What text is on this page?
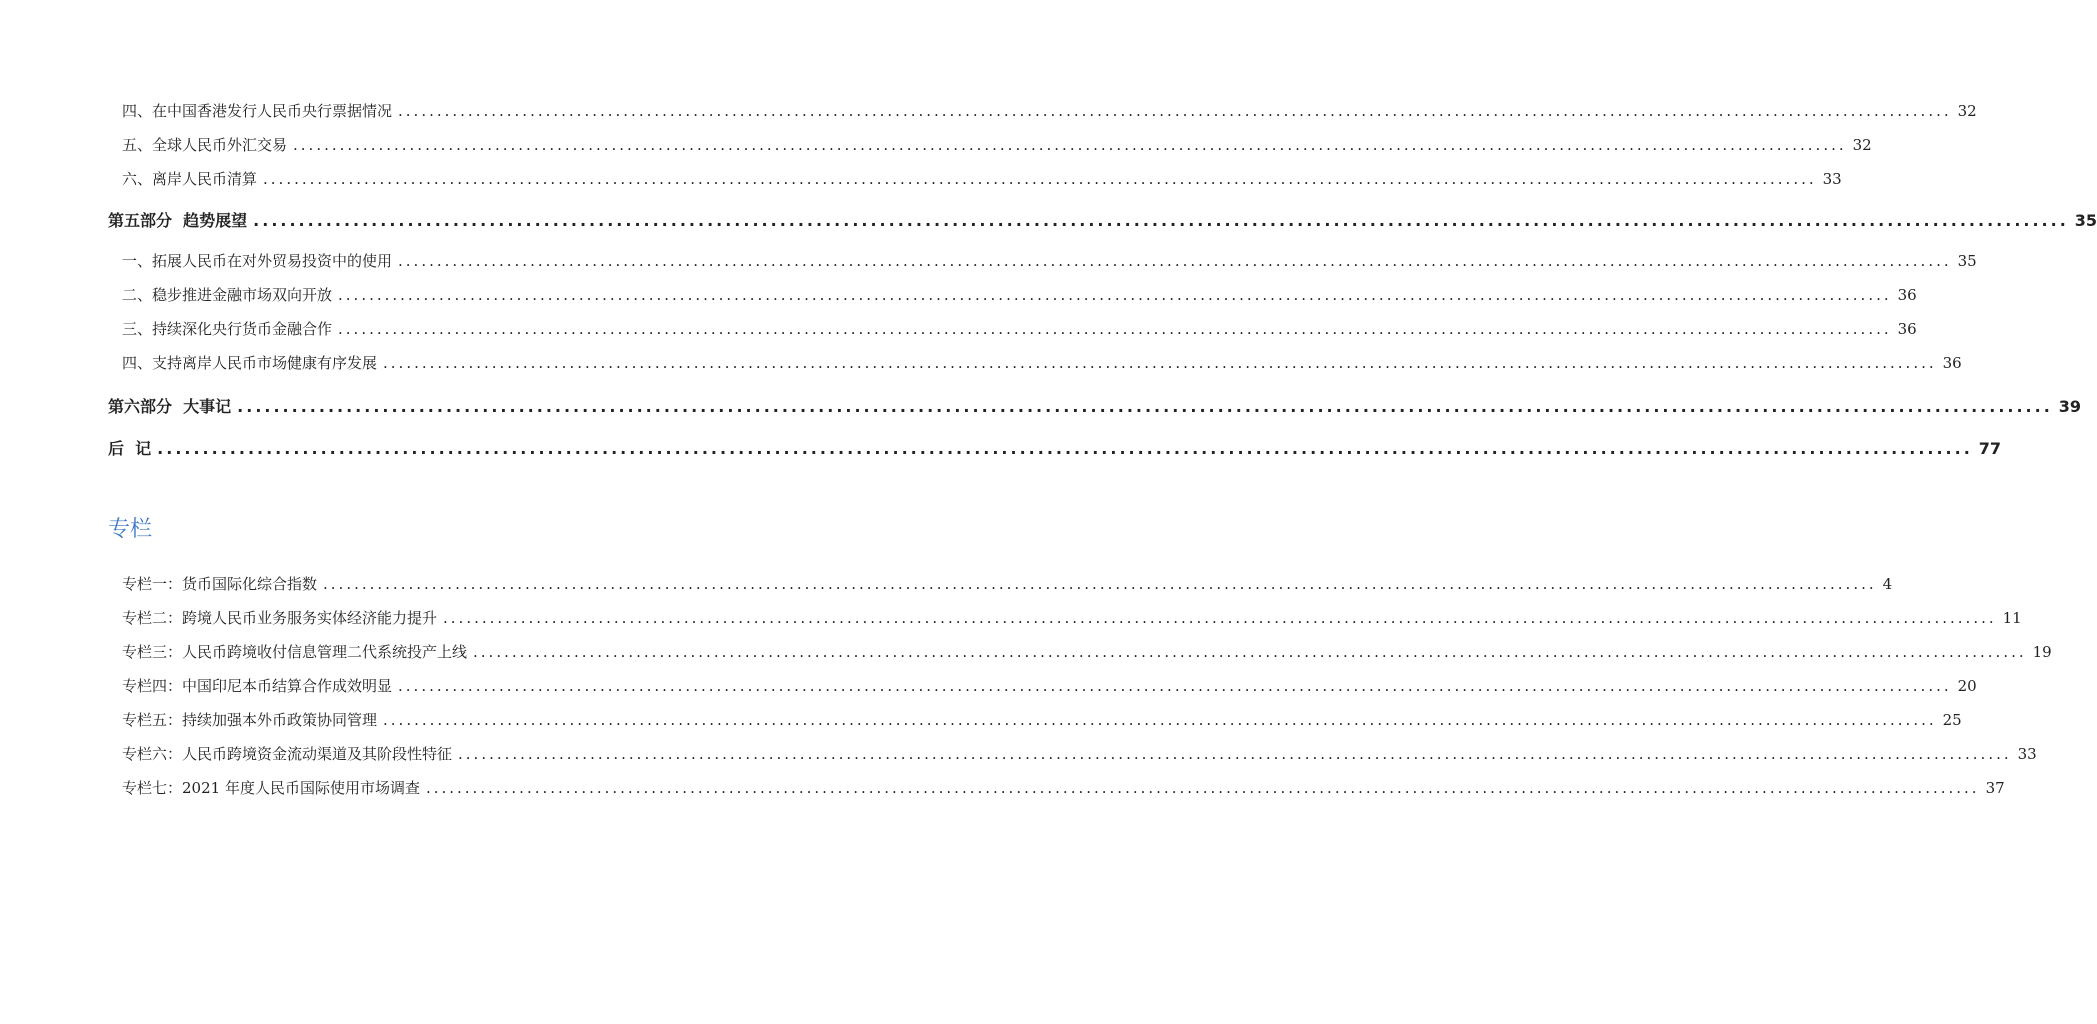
四、在中国香港发行人民币央行票据情况 ........................................................................................................................................................................................................ 32
五、全球人民币外汇交易 ........................................................................................................................................................................................................ 32
六、离岸人民币清算 ........................................................................................................................................................................................................ 33
第五部分  趋势展望 ........................................................................................................................................................................................................ 35
一、拓展人民币在对外贸易投资中的使用 ........................................................................................................................................................................................................ 35
二、稳步推进金融市场双向开放 ........................................................................................................................................................................................................ 36
三、持续深化央行货币金融合作 ........................................................................................................................................................................................................ 36
四、支持离岸人民币市场健康有序发展 ........................................................................................................................................................................................................ 36
第六部分  大事记 ........................................................................................................................................................................................................ 39
后  记 ........................................................................................................................................................................................................ 77
专栏
专栏一：货币国际化综合指数 ........................................................................................................................................................................................................ 4
专栏二：跨境人民币业务服务实体经济能力提升 ........................................................................................................................................................................................................ 11
专栏三：人民币跨境收付信息管理二代系统投产上线 ........................................................................................................................................................................................................ 19
专栏四：中国印尼本币结算合作成效明显 ........................................................................................................................................................................................................ 20
专栏五：持续加强本外币政策协同管理 ........................................................................................................................................................................................................ 25
专栏六：人民币跨境资金流动渠道及其阶段性特征 ........................................................................................................................................................................................................ 33
专栏七：2021 年度人民币国际使用市场调查 ........................................................................................................................................................................................................ 37
